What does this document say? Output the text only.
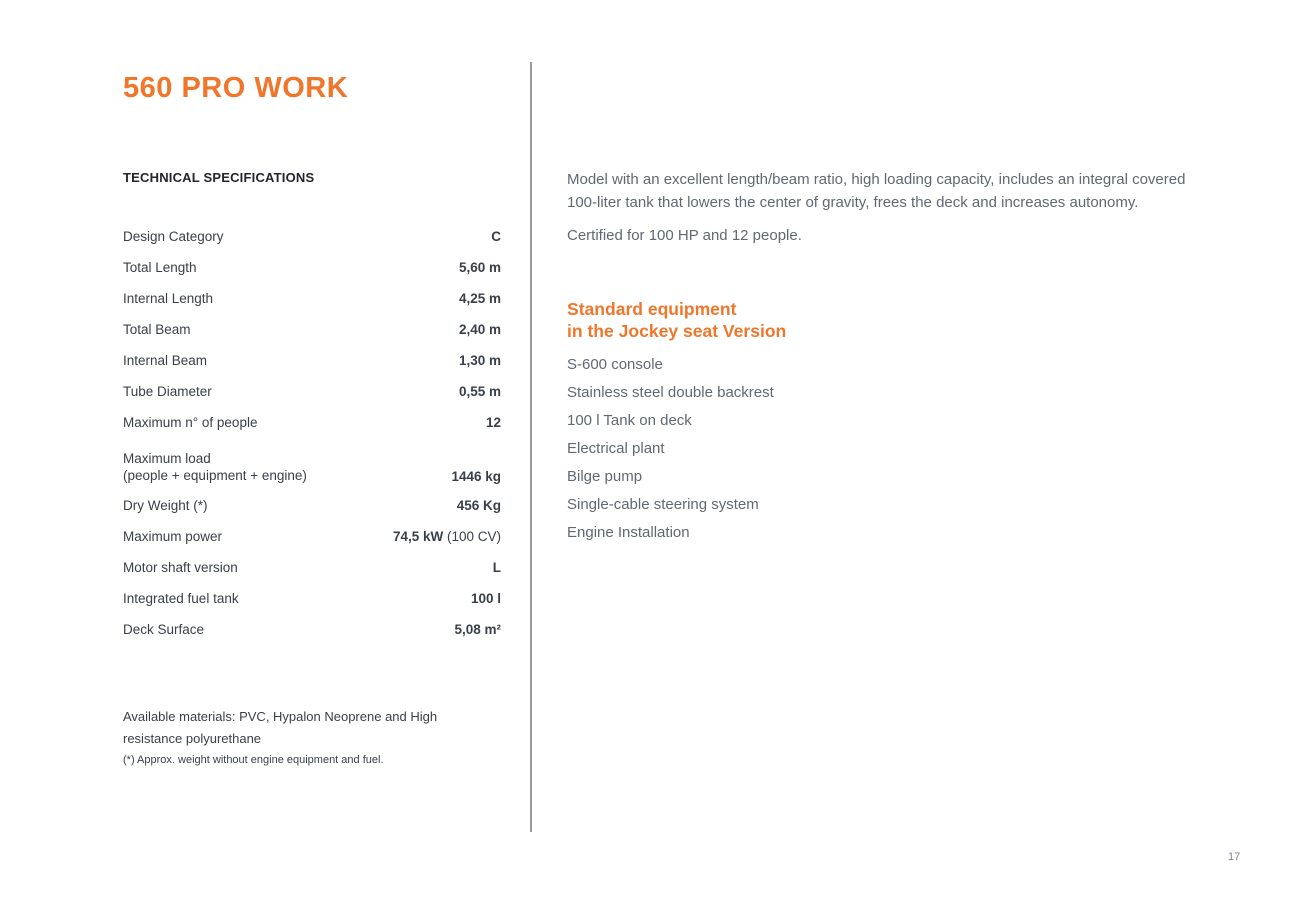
560 PRO WORK
TECHNICAL SPECIFICATIONS
Design Category	C
Total Length	5,60 m
Internal Length	4,25 m
Total Beam	2,40 m
Internal Beam	1,30 m
Tube Diameter	0,55 m
Maximum n° of people	12
Maximum load
(people + equipment + engine)	1446 kg
Dry Weight (*)	456 Kg
Maximum power	74,5 kW (100 CV)
Motor shaft version	L
Integrated fuel tank	100 l
Deck Surface	5,08 m²

Available materials: PVC, Hypalon Neoprene and High resistance polyurethane

(*) Approx. weight without engine equipment and fuel.

Model with an excellent length/beam ratio, high loading capacity, includes an integral covered 100-liter tank that lowers the center of gravity, frees the deck and increases autonomy.

Certified for 100 HP and 12 people.

Standard equipment
in the Jockey seat Version
S-600 console
Stainless steel double backrest
100 l Tank on deck
Electrical plant
Bilge pump
Single-cable steering system
Engine Installation
17
